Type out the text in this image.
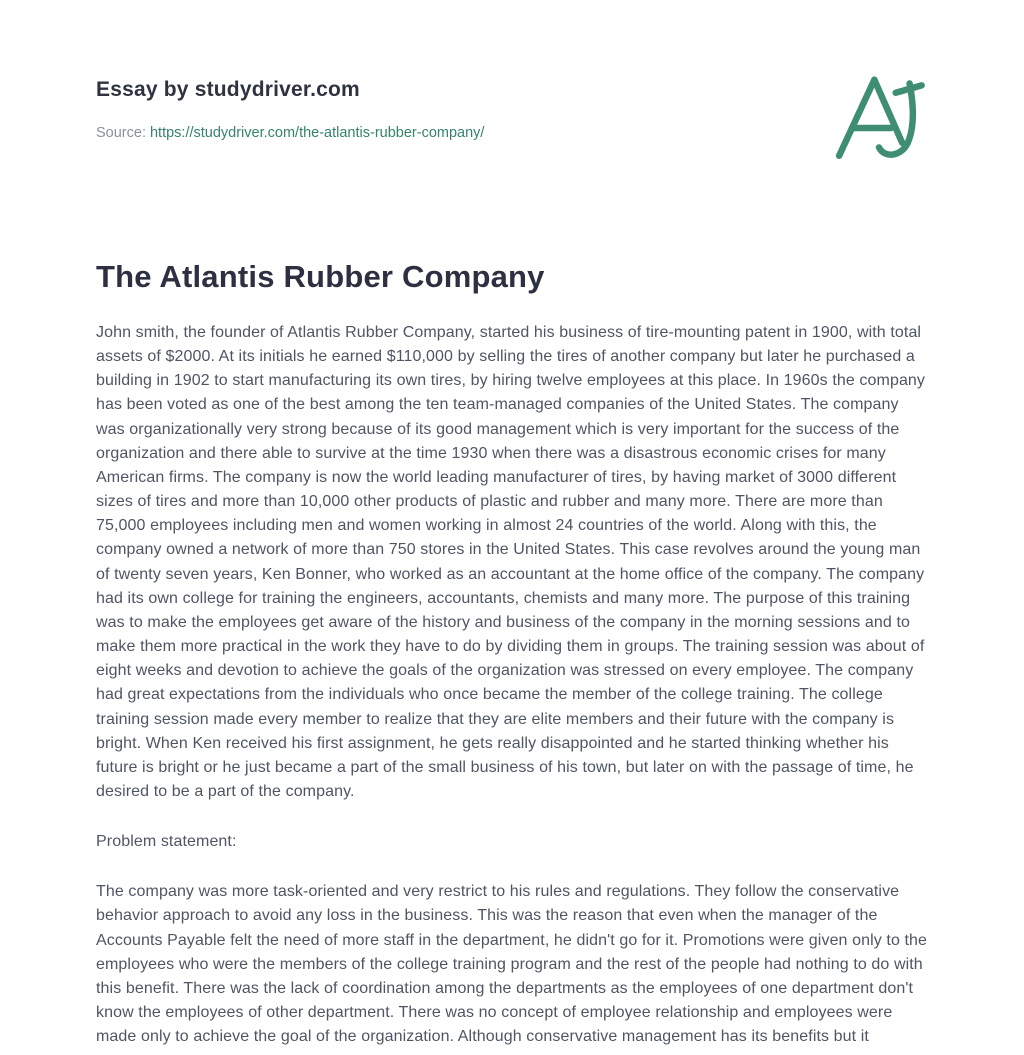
Essay by studydriver.com
Source: https://studydriver.com/the-atlantis-rubber-company/
The Atlantis Rubber Company

John smith, the founder of Atlantis Rubber Company, started his business of tire-mounting patent in 1900, with total assets of $2000. At its initials he earned $110,000 by selling the tires of another company but later he purchased a building in 1902 to start manufacturing its own tires, by hiring twelve employees at this place. In 1960s the company has been voted as one of the best among the ten team-managed companies of the United States. The company was organizationally very strong because of its good management which is very important for the success of the organization and there able to survive at the time 1930 when there was a disastrous economic crises for many American firms. The company is now the world leading manufacturer of tires, by having market of 3000 different sizes of tires and more than 10,000 other products of plastic and rubber and many more. There are more than 75,000 employees including men and women working in almost 24 countries of the world. Along with this, the company owned a network of more than 750 stores in the United States. This case revolves around the young man of twenty seven years, Ken Bonner, who worked as an accountant at the home office of the company. The company had its own college for training the engineers, accountants, chemists and many more. The purpose of this training was to make the employees get aware of the history and business of the company in the morning sessions and to make them more practical in the work they have to do by dividing them in groups. The training session was about of eight weeks and devotion to achieve the goals of the organization was stressed on every employee. The company had great expectations from the individuals who once became the member of the college training. The college training session made every member to realize that they are elite members and their future with the company is bright. When Ken received his first assignment, he gets really disappointed and he started thinking whether his future is bright or he just became a part of the small business of his town, but later on with the passage of time, he desired to be a part of the company.

Problem statement:

The company was more task-oriented and very restrict to his rules and regulations. They follow the conservative behavior approach to avoid any loss in the business. This was the reason that even when the manager of the Accounts Payable felt the need of more staff in the department, he didn't go for it. Promotions were given only to the employees who were the members of the college training program and the rest of the people had nothing to do with this benefit. There was the lack of coordination among the departments as the employees of one department don't know the employees of other department. There was no concept of employee relationship and employees were made only to achieve the goal of the organization. Although conservative management has its benefits but it
